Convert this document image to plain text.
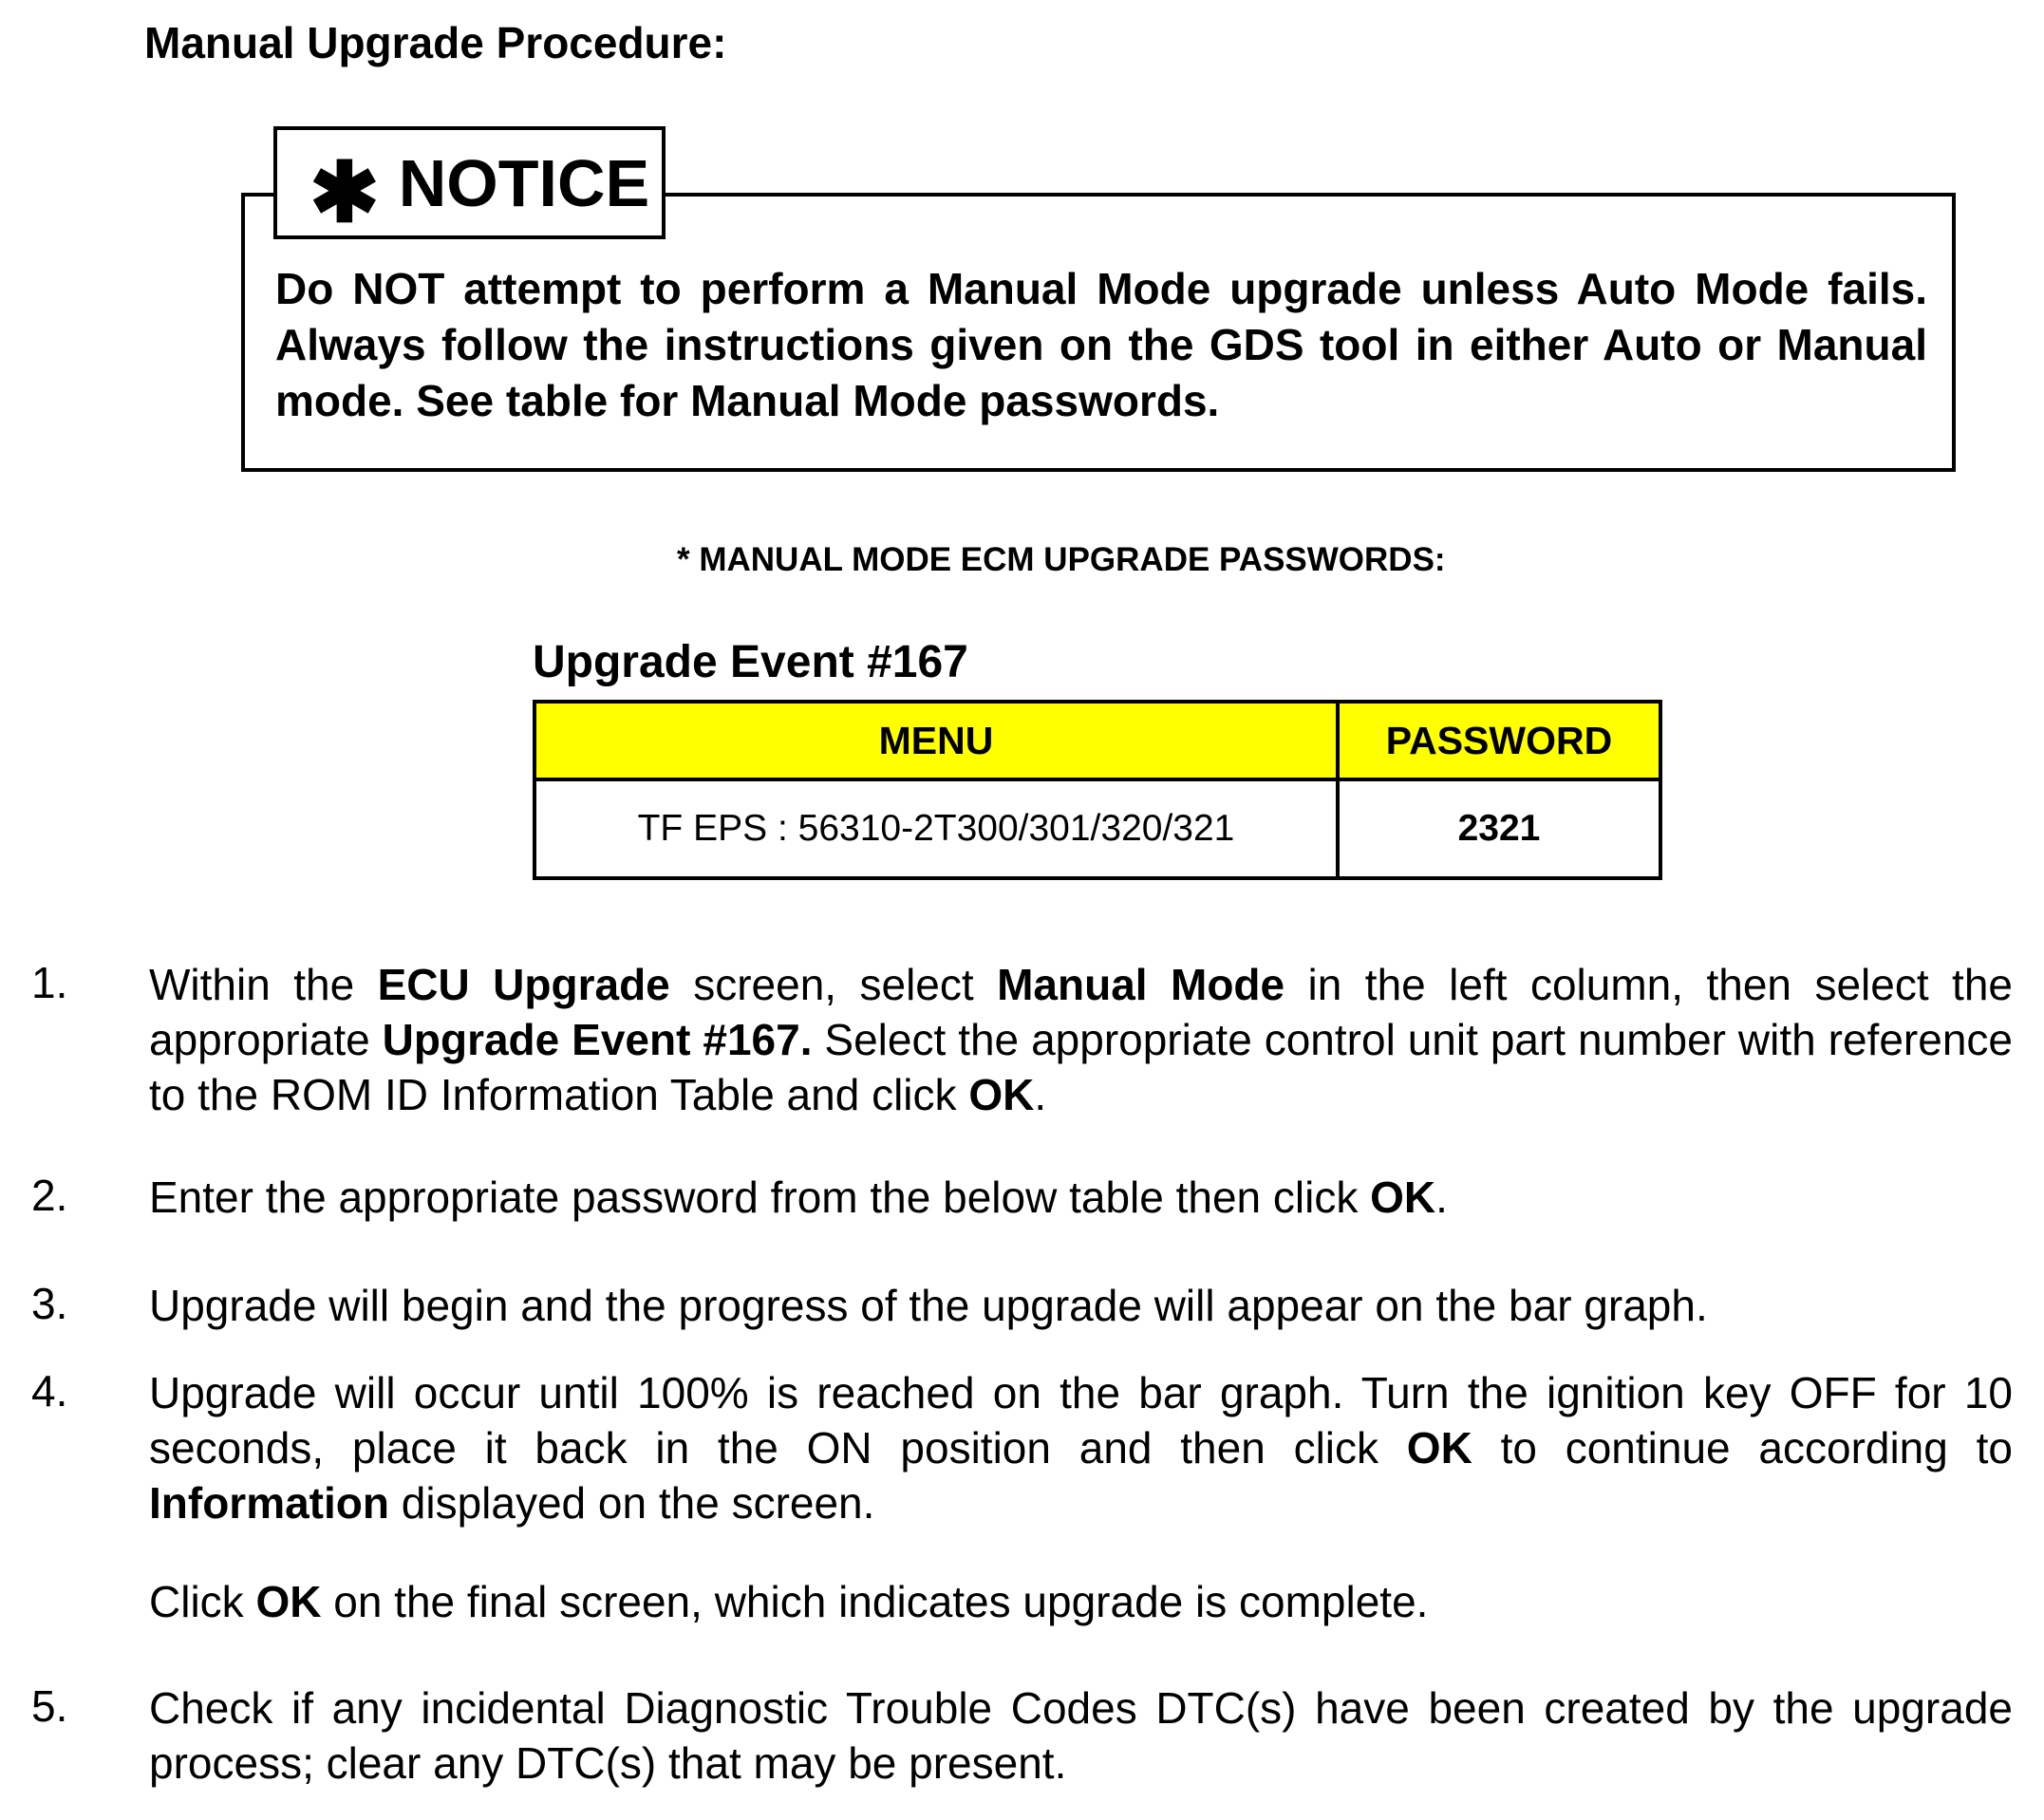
Manual Upgrade Procedure:
✱ NOTICE
Do NOT attempt to perform a Manual Mode upgrade unless Auto Mode fails. Always follow the instructions given on the GDS tool in either Auto or Manual mode. See table for Manual Mode passwords.
* MANUAL MODE ECM UPGRADE PASSWORDS:
Upgrade Event #167
MENU	PASSWORD
TF EPS : 56310-2T300/301/320/321	2321
1. Within the ECU Upgrade screen, select Manual Mode in the left column, then select the appropriate Upgrade Event #167. Select the appropriate control unit part number with reference to the ROM ID Information Table and click OK.
2. Enter the appropriate password from the below table then click OK.
3. Upgrade will begin and the progress of the upgrade will appear on the bar graph.
4. Upgrade will occur until 100% is reached on the bar graph. Turn the ignition key OFF for 10 seconds, place it back in the ON position and then click OK to continue according to Information displayed on the screen.
Click OK on the final screen, which indicates upgrade is complete.
5. Check if any incidental Diagnostic Trouble Codes DTC(s) have been created by the upgrade process; clear any DTC(s) that may be present.
